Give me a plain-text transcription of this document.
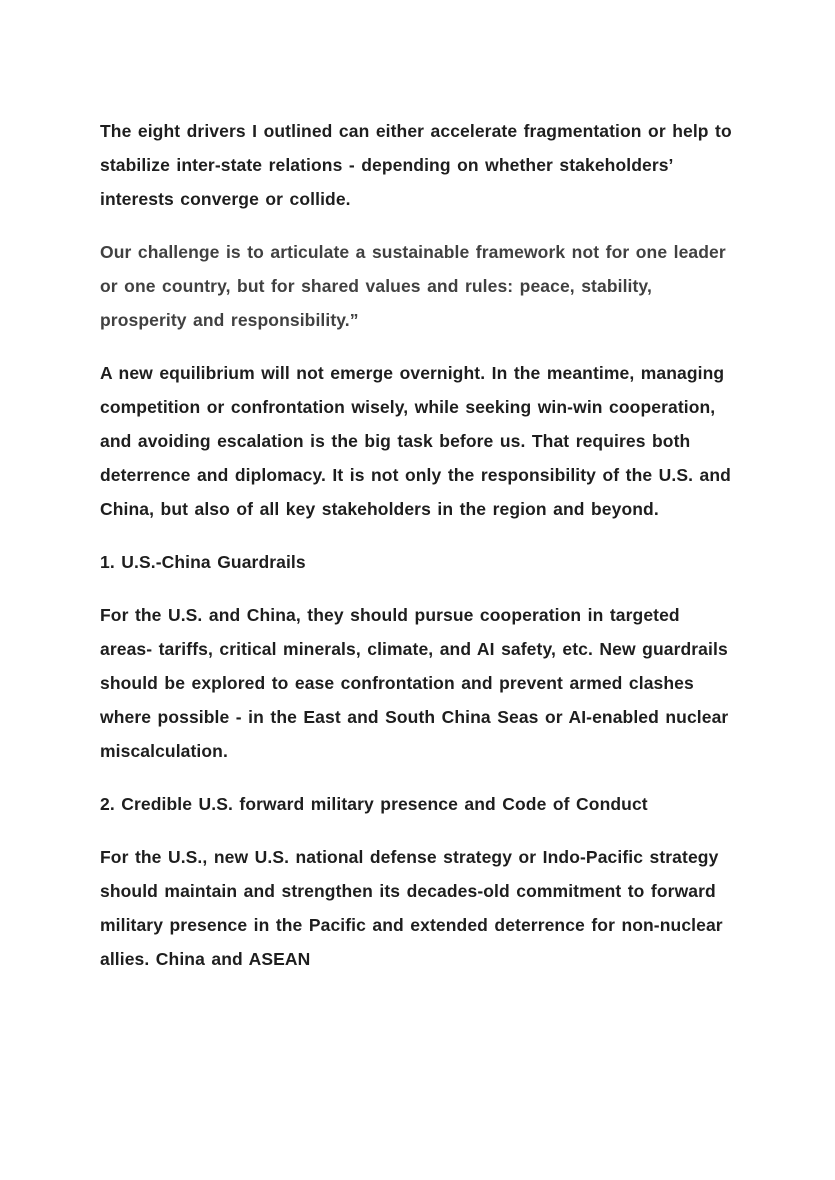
The eight drivers I outlined can either accelerate fragmentation or help to stabilize inter-state relations - depending on whether stakeholders’ interests converge or collide.

Our challenge is to articulate a sustainable framework not for one leader or one country, but for shared values and rules: peace, stability, prosperity and responsibility.”

A new equilibrium will not emerge overnight. In the meantime, managing competition or confrontation wisely, while seeking win-win cooperation, and avoiding escalation is the big task before us. That requires both deterrence and diplomacy. It is not only the responsibility of the U.S. and China, but also of all key stakeholders in the region and beyond.

1. U.S.-China Guardrails

For the U.S. and China, they should pursue cooperation in targeted areas- tariffs, critical minerals, climate, and AI safety, etc. New guardrails should be explored to ease confrontation and prevent armed clashes where possible - in the East and South China Seas or AI-enabled nuclear miscalculation.

2. Credible U.S. forward military presence and Code of Conduct

For the U.S., new U.S. national defense strategy or Indo-Pacific strategy should maintain and strengthen its decades-old commitment to forward military presence in the Pacific and extended deterrence for non-nuclear allies. China and ASEAN
